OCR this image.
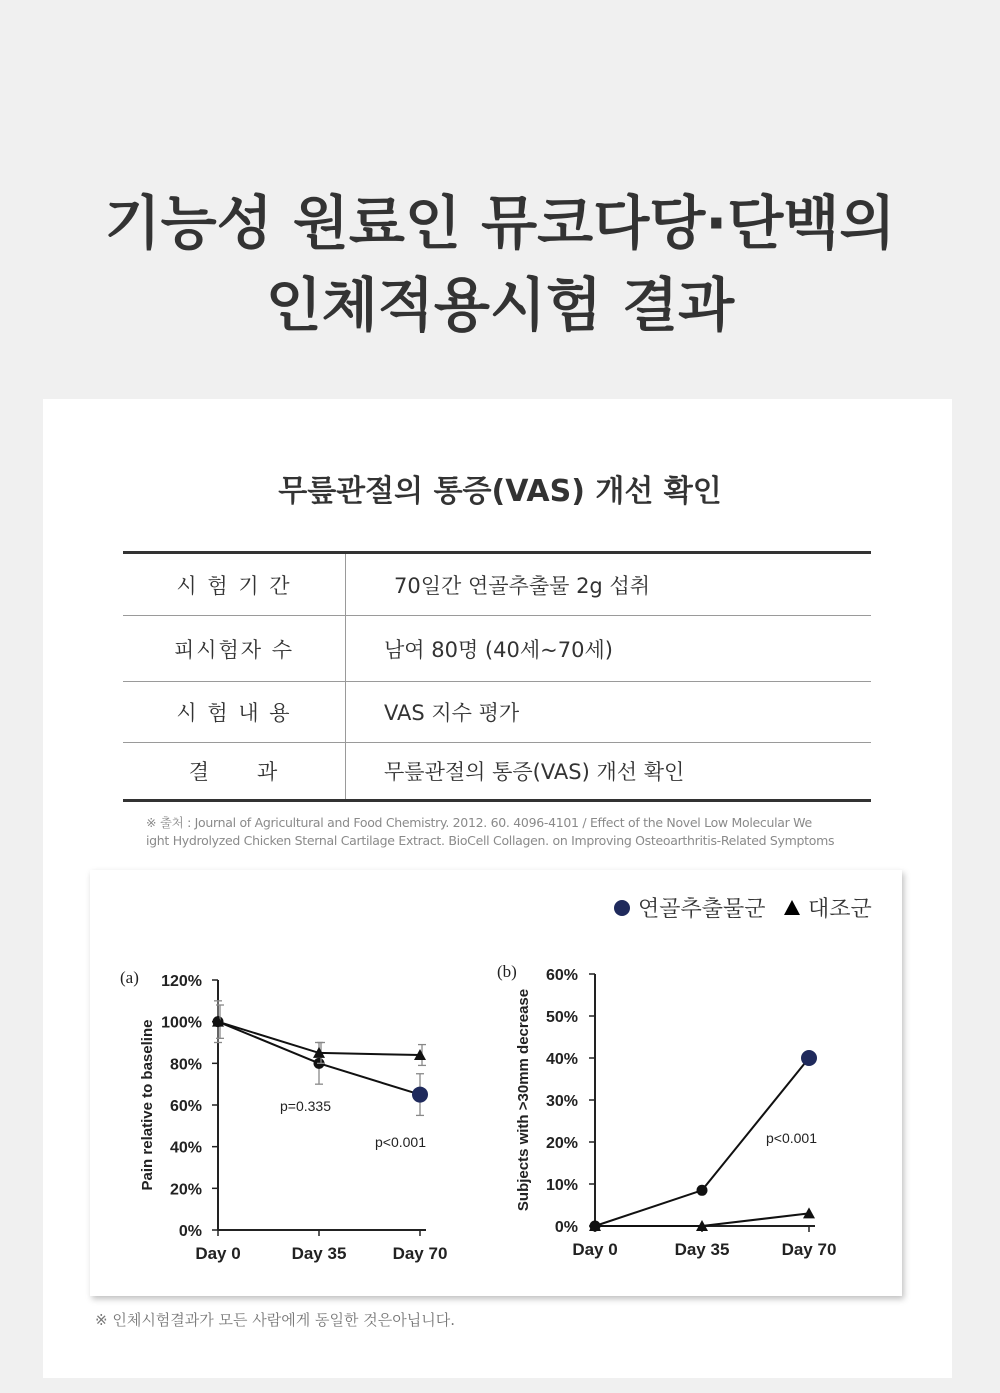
기능성 원료인 뮤코다당·단백의
인체적용시험 결과
무릎관절의 통증(VAS) 개선 확인
시 험 기 간	70일간 연골추출물 2g 섭취
피시험자 수	남여 80명 (40세~70세)
시 험 내 용	VAS 지수 평가
결　　과	무릎관절의 통증(VAS) 개선 확인
※ 출처 : Journal of Agricultural and Food Chemistry. 2012. 60. 4096-4101 / Effect of the Novel Low Molecular We
ight Hydrolyzed Chicken Sternal Cartilage Extract. BioCell Collagen. on Improving Osteoarthritis-Related Symptoms
연골추출물군 대조군
(a)
0%
20%
40%
60%
80%
100%
120%
Day 0	Day 35	Day 70
Pain relative to baseline	p=0.335
p<0.001
(b)
0%
10%
20%
30%
40%
50%
60%
Day 0	Day 35	Day 70
Subjects with >30mm decrease	p<0.001
※ 인체시험결과가 모든 사람에게 동일한 것은아닙니다.
